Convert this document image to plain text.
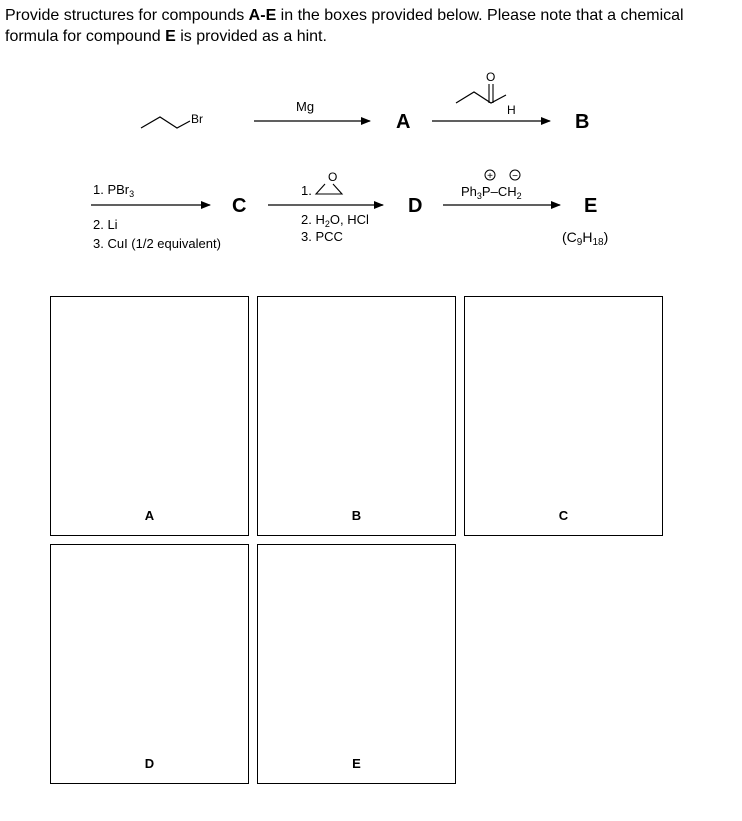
Provide structures for compounds A-E in the boxes provided below. Please note that a chemical formula for compound E is provided as a hint.
Br
Mg
A
O
H
B
1. PBr$_3$
2. Li
3. CuI (1/2 equivalent)
C
1.
O
2. $H_2O$, HCl
3. PCC
D
+ −
$Ph_3P-CH_2$	E
$(C_9H_{18})$
A	B	C
D	E
